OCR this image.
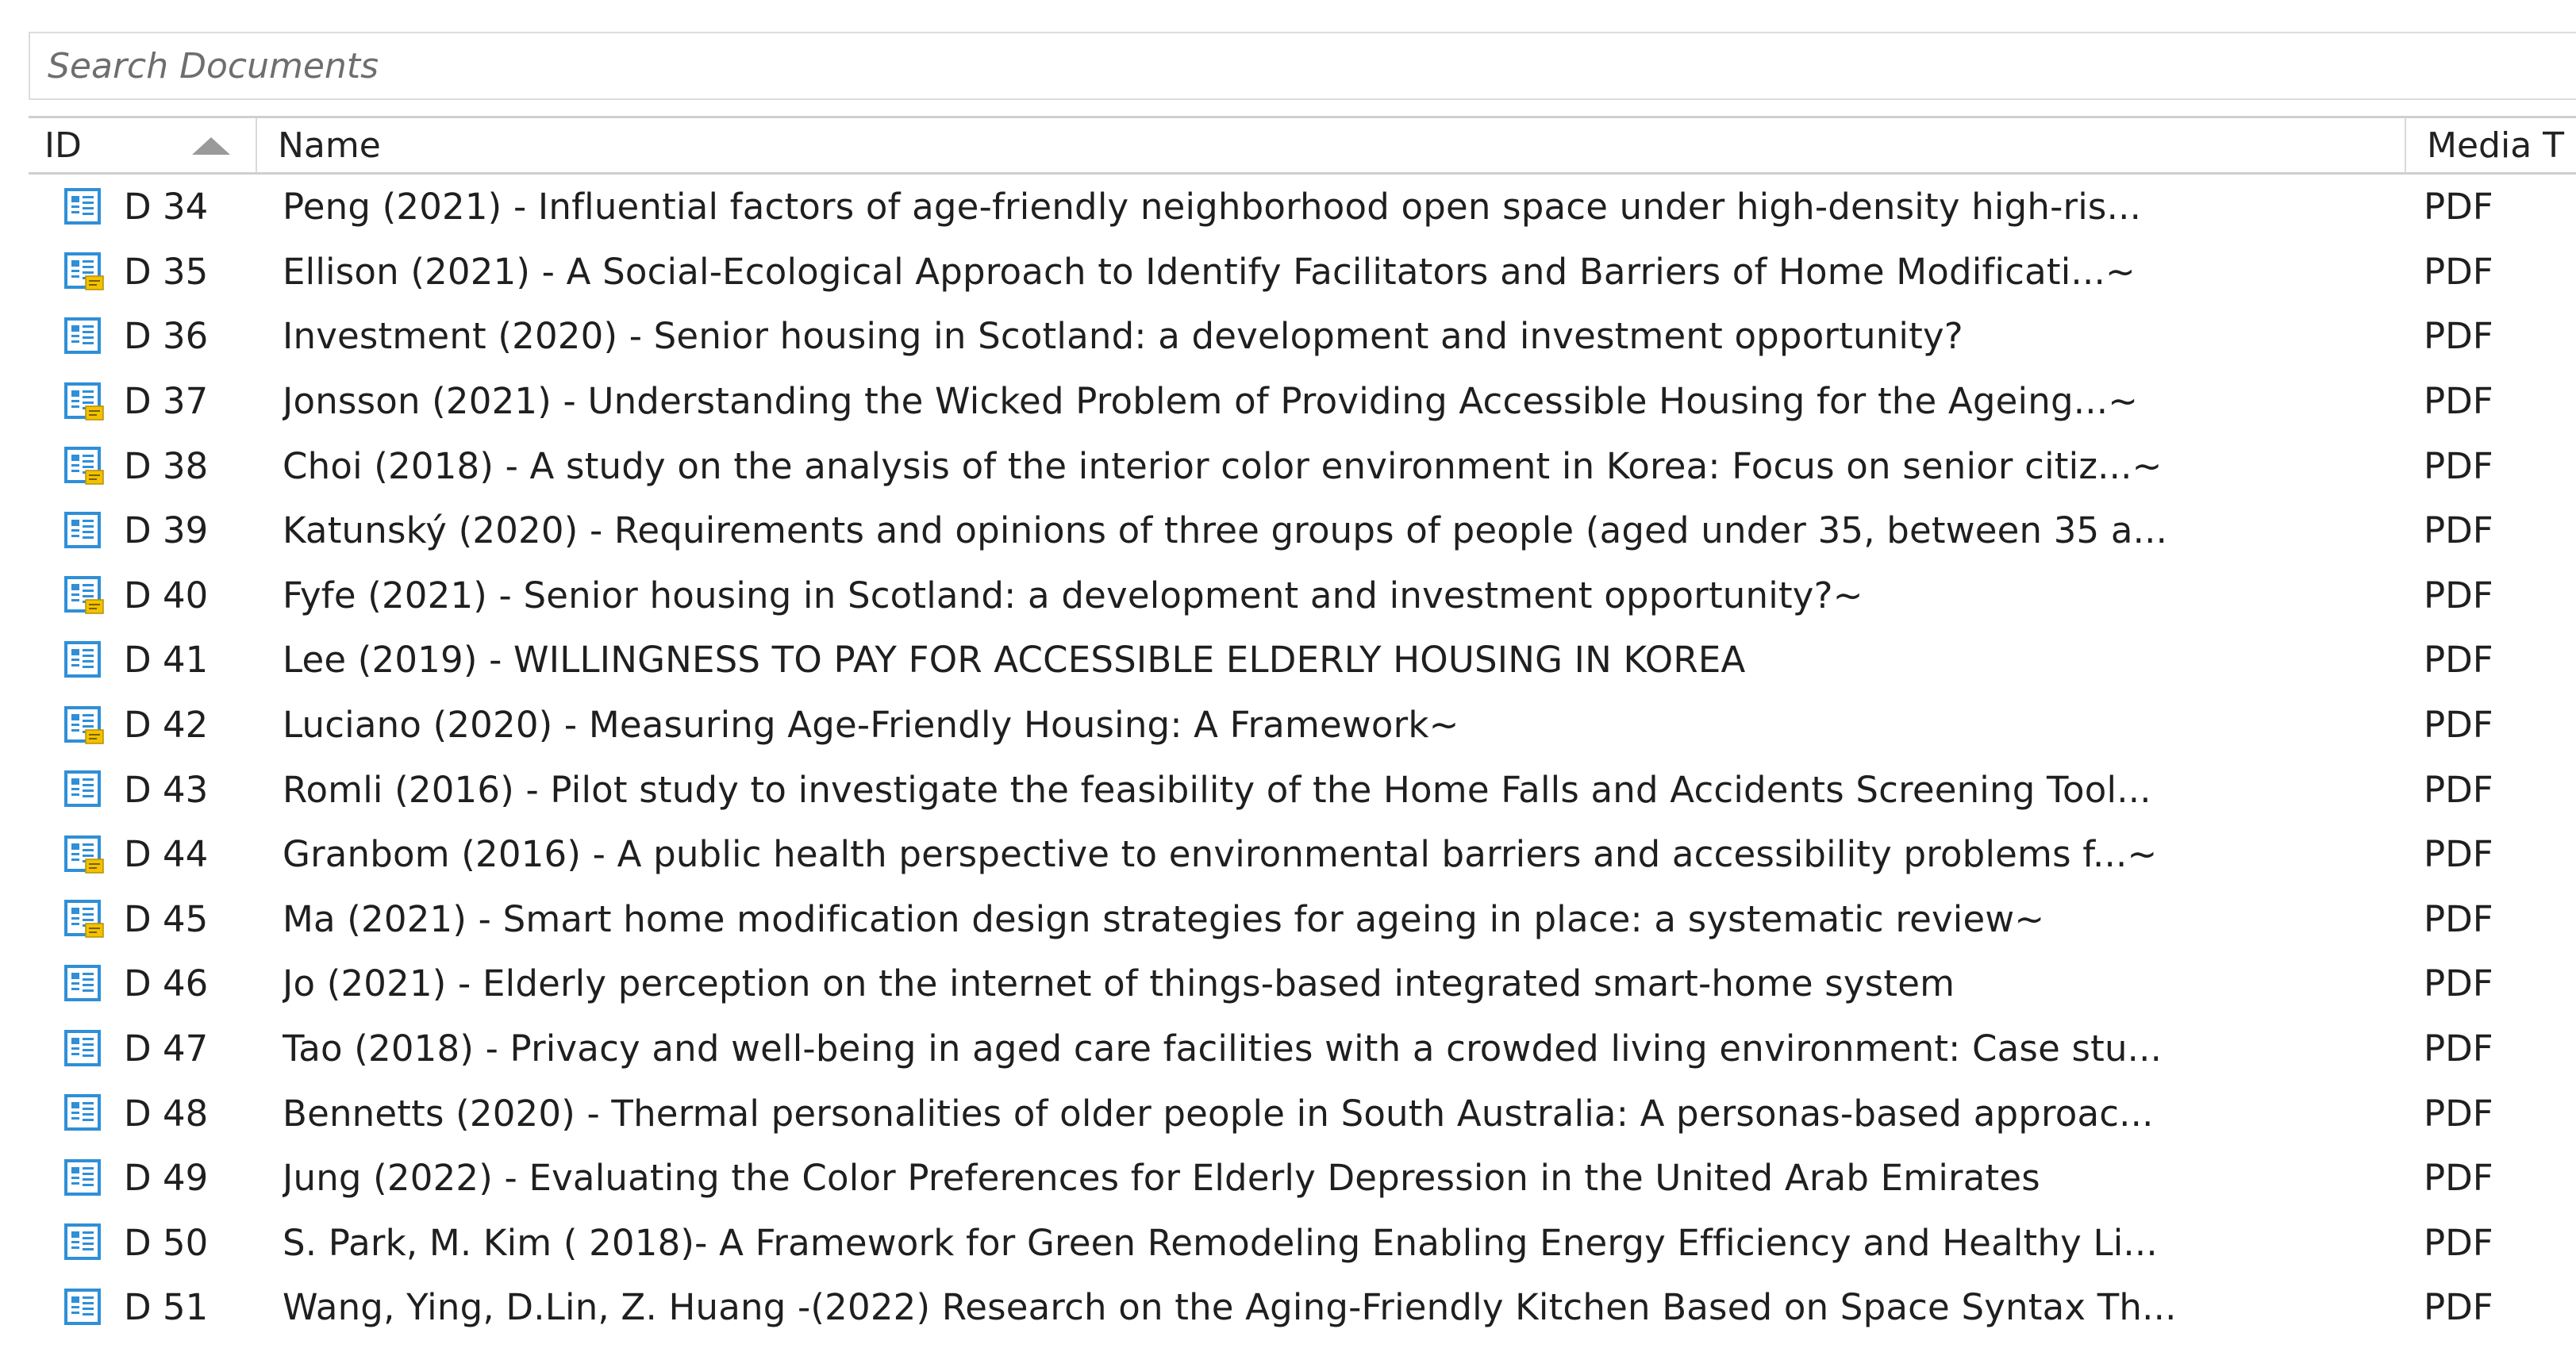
Search Documents
ID	Name	Media T
D 34	Peng (2021) - Influential factors of age-friendly neighborhood open space under high-density high-ris...	PDF
D 35	Ellison (2021) - A Social-Ecological Approach to Identify Facilitators and Barriers of Home Modificati...~	PDF
D 36	Investment (2020) - Senior housing in Scotland: a development and investment opportunity?	PDF
D 37	Jonsson (2021) - Understanding the Wicked Problem of Providing Accessible Housing for the Ageing...~	PDF
D 38	Choi (2018) - A study on the analysis of the interior color environment in Korea: Focus on senior citiz...~	PDF
D 39	Katunský (2020) - Requirements and opinions of three groups of people (aged under 35, between 35 a...	PDF
D 40	Fyfe (2021) - Senior housing in Scotland: a development and investment opportunity?~	PDF
D 41	Lee (2019) - WILLINGNESS TO PAY FOR ACCESSIBLE ELDERLY HOUSING IN KOREA	PDF
D 42	Luciano (2020) - Measuring Age-Friendly Housing: A Framework~	PDF
D 43	Romli (2016) - Pilot study to investigate the feasibility of the Home Falls and Accidents Screening Tool...	PDF
D 44	Granbom (2016) - A public health perspective to environmental barriers and accessibility problems f...~	PDF
D 45	Ma (2021) - Smart home modification design strategies for ageing in place: a systematic review~	PDF
D 46	Jo (2021) - Elderly perception on the internet of things-based integrated smart-home system	PDF
D 47	Tao (2018) - Privacy and well-being in aged care facilities with a crowded living environment: Case stu...	PDF
D 48	Bennetts (2020) - Thermal personalities of older people in South Australia: A personas-based approac...	PDF
D 49	Jung (2022) - Evaluating the Color Preferences for Elderly Depression in the United Arab Emirates	PDF
D 50	S. Park, M. Kim ( 2018)- A Framework for Green Remodeling Enabling Energy Efficiency and Healthy Li...	PDF
D 51	Wang, Ying, D.Lin, Z. Huang -(2022) Research on the Aging-Friendly Kitchen Based on Space Syntax Th...	PDF
